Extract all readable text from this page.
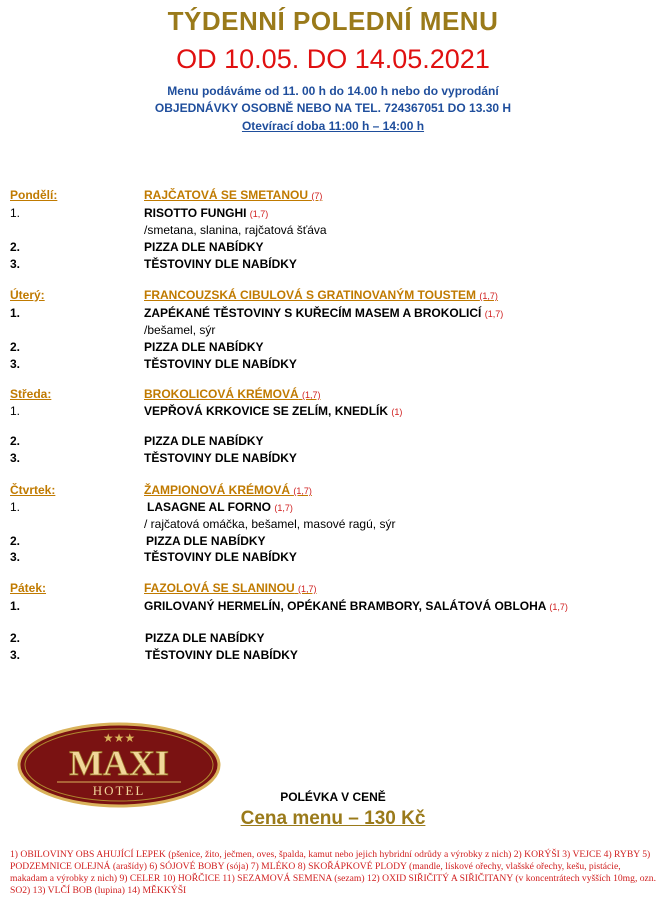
TÝDENNÍ POLEDNÍ MENU
OD 10.05. DO 14.05.2021
Menu podáváme od 11. 00 h do 14.00 h nebo do vyprodání
OBJEDNÁVKY OSOBNĚ NEBO NA TEL. 724367051 DO 13.30 H
Otevírací doba 11:00 h – 14:00 h
Pondělí:	RAJČATOVÁ SE SMETANOU (7)
1.	RISOTTO FUNGHI (1,7)
/smetana, slanina, rajčatová šťáva
2.	PIZZA DLE NABÍDKY
3.	TĚSTOVINY DLE NABÍDKY
Úterý:	FRANCOUZSKÁ CIBULOVÁ S GRATINOVANÝM TOUSTEM (1,7)
1.	ZAPÉKANÉ TĚSTOVINY S KUŘECÍM MASEM A BROKOLICÍ (1,7)
/bešamel, sýr
2.	PIZZA DLE NABÍDKY
3.	TĚSTOVINY DLE NABÍDKY
Středa:	BROKOLICOVÁ KRÉMOVÁ (1,7)
1.	VEPŘOVÁ KRKOVICE SE ZELÍM, KNEDLÍK (1)
2.	PIZZA DLE NABÍDKY
3.	TĚSTOVINY DLE NABÍDKY
Čtvrtek:	ŽAMPIONOVÁ KRÉMOVÁ (1,7)
1.	LASAGNE AL FORNO (1,7)
/ rajčatová omáčka, bešamel, masové ragú, sýr
2.	PIZZA DLE NABÍDKY
3.	TĚSTOVINY DLE NABÍDKY
Pátek:	FAZOLOVÁ SE SLANINOU (1,7)
1.	GRILOVANÝ HERMELÍN, OPÉKANÉ BRAMBORY, SALÁTOVÁ OBLOHA (1,7)
2.	PIZZA DLE NABÍDKY
3.	TĚSTOVINY DLE NABÍDKY
★★★
MAXI
HOTEL	POLÉVKA V CENĚ
Cena menu – 130 Kč
1) OBILOVINY OBS AHUJÍCÍ LEPEK (pšenice, žito, ječmen, oves, špalda, kamut nebo jejich hybridní odrůdy a výrobky z nich) 2) KORÝŠI 3) VEJCE 4) RYBY 5) PODZEMNICE OLEJNÁ (arašídy) 6) SÓJOVÉ BOBY (sója) 7) MLÉKO 8) SKOŘÁPKOVÉ PLODY (mandle, lískové ořechy, vlašské ořechy, kešu, pistácie, makadam a výrobky z nich) 9) CELER 10) HOŘČICE 11) SEZAMOVÁ SEMENA (sezam) 12) OXID SIŘIČITÝ A SIŘIČITANY (v koncentrátech vyšších 10mg, ozn. SO2) 13) VLČÍ BOB (lupina) 14) MĚKKÝŠI
